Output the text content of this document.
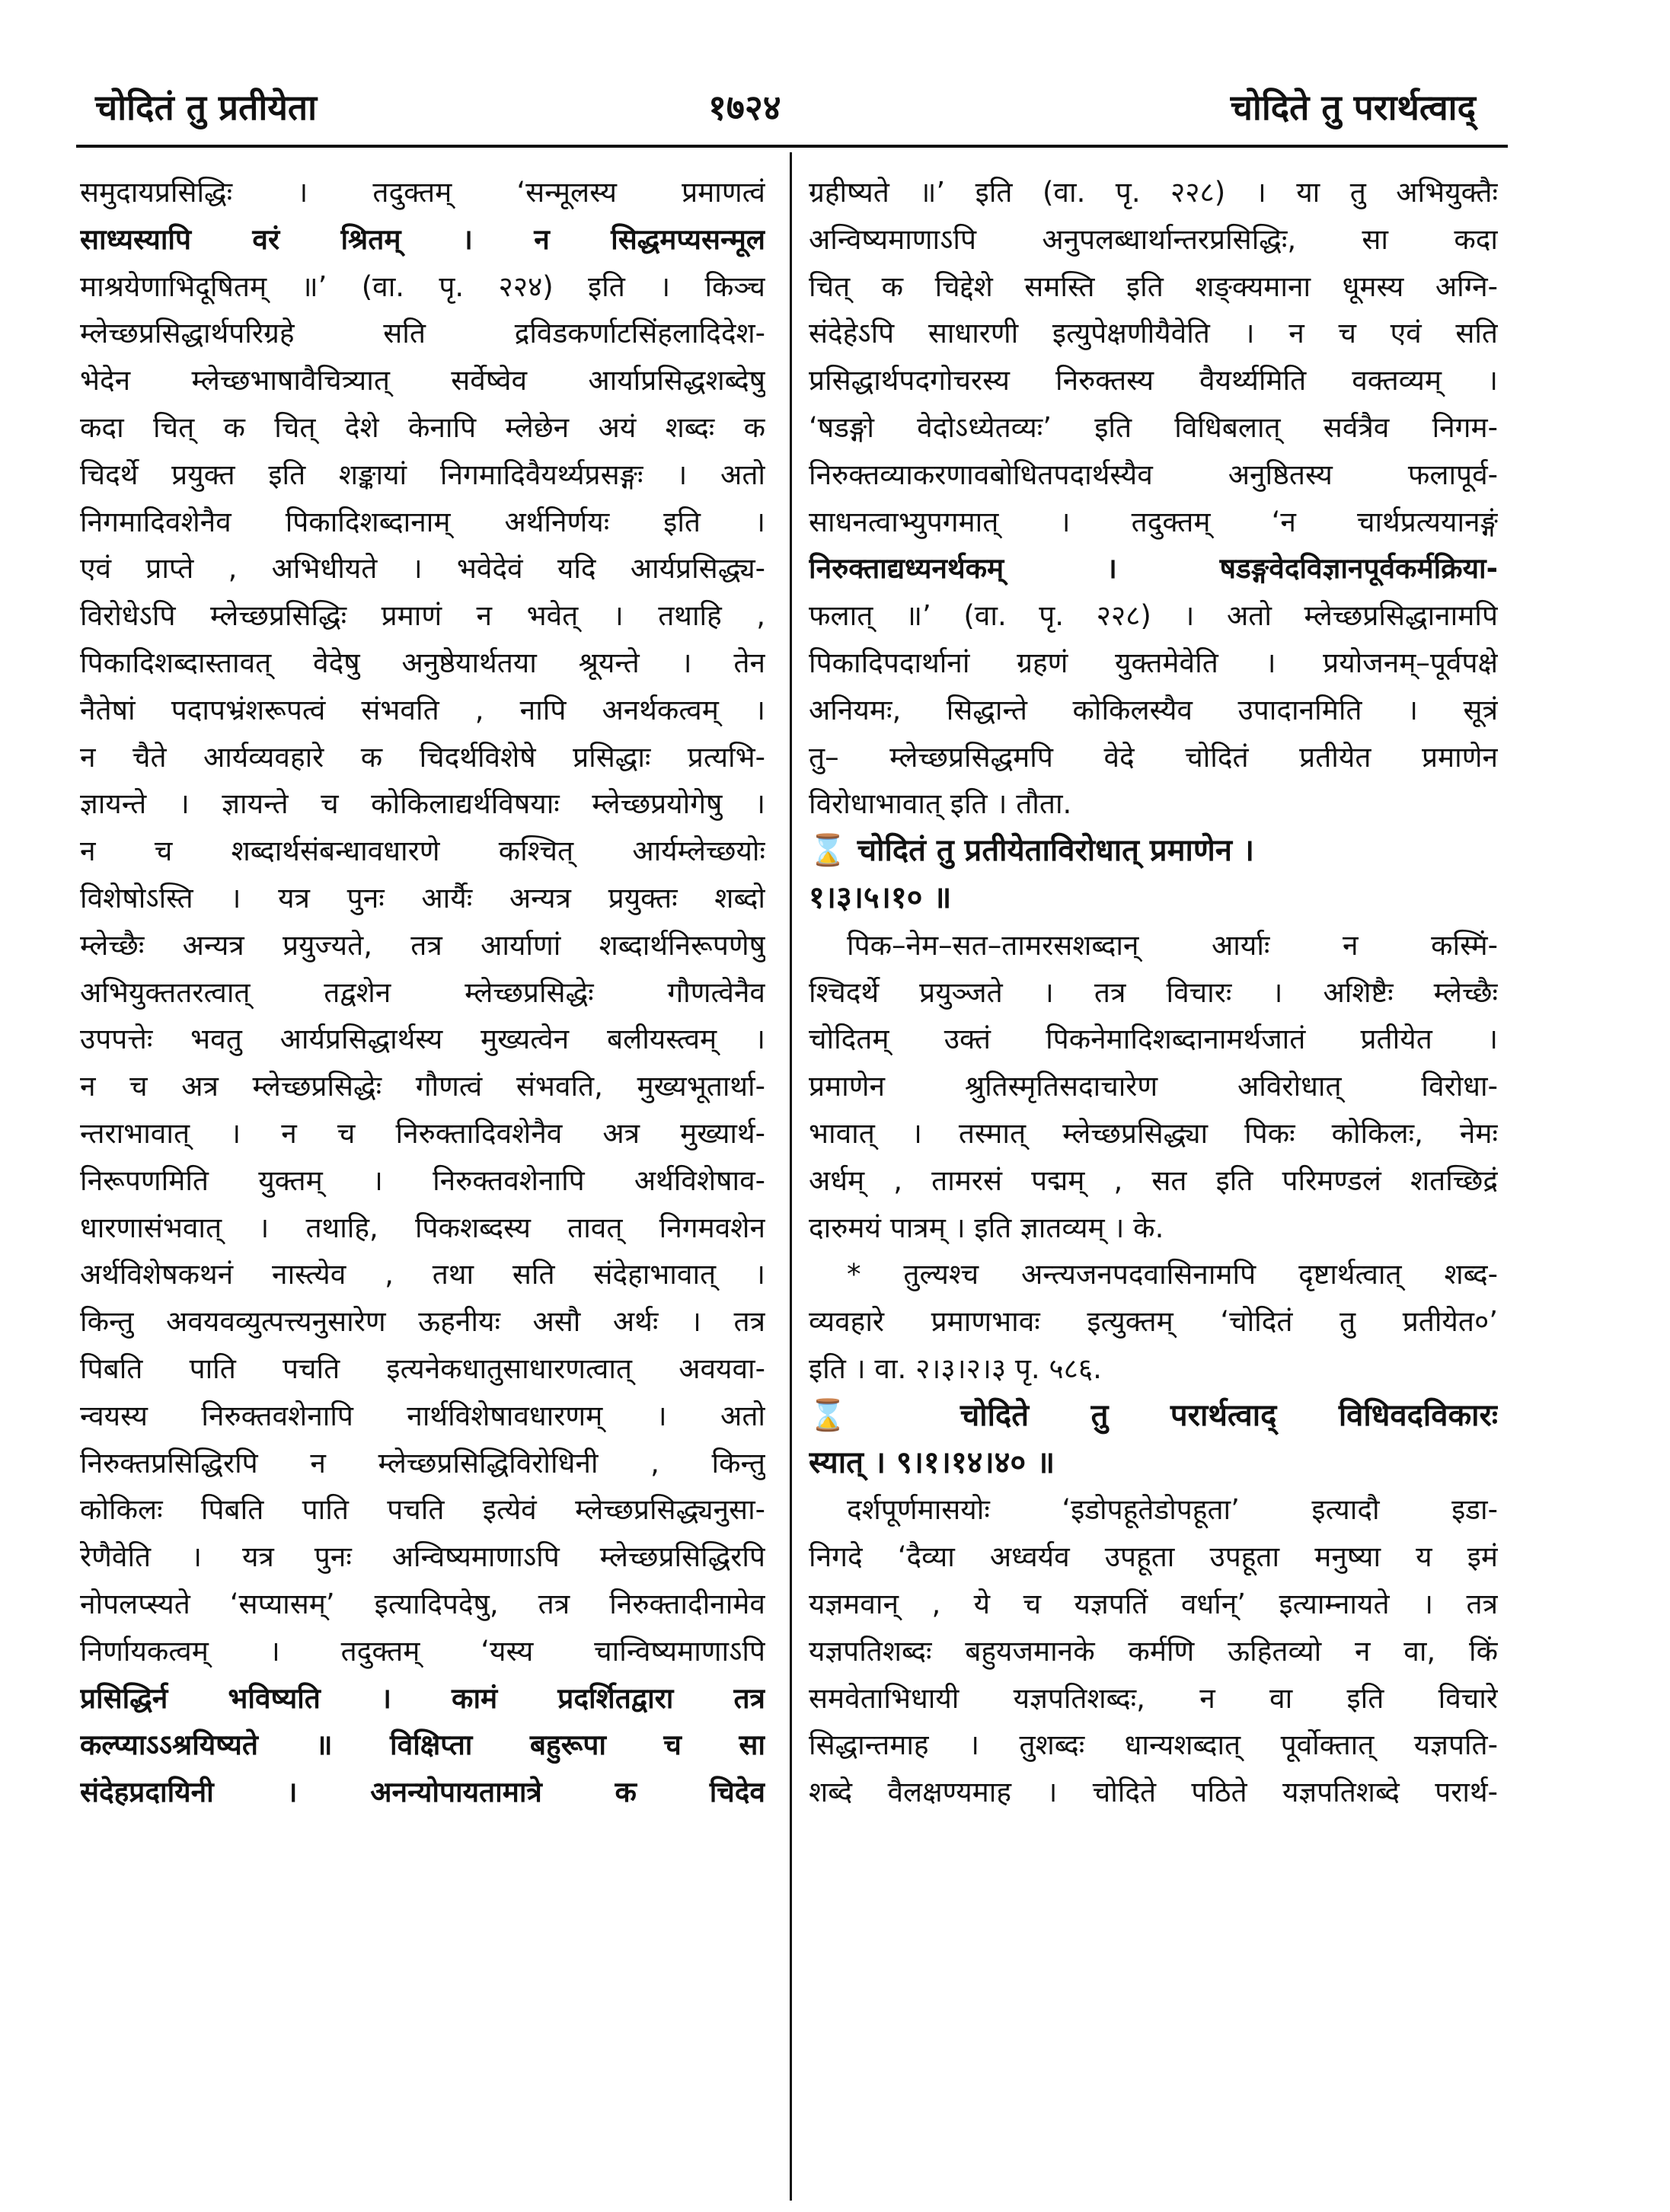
चोदितं तु प्रतीयेता	१७२४	चोदिते तु परार्थत्वाद्
समुदायप्रसिद्धिः । तदुक्तम् ‘सन्मूलस्य प्रमाणत्वं
साध्यस्यापि वरं श्रितम् । न सिद्धमप्यसन्मूल
माश्रयेणाभिदूषितम् ॥’ (वा. पृ. २२४) इति । किञ्च
म्लेच्छप्रसिद्धार्थपरिग्रहे सति द्रविडकर्णाटसिंहलादिदेश-
भेदेन म्लेच्छभाषावैचित्र्यात् सर्वेष्वेव आर्याप्रसिद्धशब्देषु
कदा चित् क चित् देशे केनापि म्लेछेन अयं शब्दः क
चिदर्थे प्रयुक्त इति शङ्कायां निगमादिवैयर्थ्यप्रसङ्गः । अतो
निगमादिवशेनैव पिकादिशब्दानाम् अर्थनिर्णयः इति ।
एवं प्राप्ते , अभिधीयते । भवेदेवं यदि आर्यप्रसिद्ध्य-
विरोधेऽपि म्लेच्छप्रसिद्धिः प्रमाणं न भवेत् । तथाहि ,
पिकादिशब्दास्तावत् वेदेषु अनुष्ठेयार्थतया श्रूयन्ते । तेन
नैतेषां पदापभ्रंशरूपत्वं संभवति , नापि अनर्थकत्वम् ।
न चैते आर्यव्यवहारे क चिदर्थविशेषे प्रसिद्धाः प्रत्यभि-
ज्ञायन्ते । ज्ञायन्ते च कोकिलाद्यर्थविषयाः म्लेच्छप्रयोगेषु ।
न च शब्दार्थसंबन्धावधारणे कश्चित् आर्यम्लेच्छयोः
विशेषोऽस्ति । यत्र पुनः आर्यैः अन्यत्र प्रयुक्तः शब्दो
म्लेच्छैः अन्यत्र प्रयुज्यते, तत्र आर्याणां शब्दार्थनिरूपणेषु
अभियुक्ततरत्वात् तद्वशेन म्लेच्छप्रसिद्धेः गौणत्वेनैव
उपपत्तेः भवतु आर्यप्रसिद्धार्थस्य मुख्यत्वेन बलीयस्त्वम् ।
न च अत्र म्लेच्छप्रसिद्धेः गौणत्वं संभवति, मुख्यभूतार्था-
न्तराभावात् । न च निरुक्तादिवशेनैव अत्र मुख्यार्थ-
निरूपणमिति युक्तम् । निरुक्तवशेनापि अर्थविशेषाव-
धारणासंभवात् । तथाहि, पिकशब्दस्य तावत् निगमवशेन
अर्थविशेषकथनं नास्त्येव , तथा सति संदेहाभावात् ।
किन्तु अवयवव्युत्पत्त्यनुसारेण ऊहनीयः असौ अर्थः । तत्र
पिबति पाति पचति इत्यनेकधातुसाधारणत्वात् अवयवा-
न्वयस्य निरुक्तवशेनापि नार्थविशेषावधारणम् । अतो
निरुक्तप्रसिद्धिरपि न म्लेच्छप्रसिद्धिविरोधिनी , किन्तु
कोकिलः पिबति पाति पचति इत्येवं म्लेच्छप्रसिद्ध्यनुसा-
रेणैवेति । यत्र पुनः अन्विष्यमाणाऽपि म्लेच्छप्रसिद्धिरपि
नोपलप्स्यते ‘सप्यासम्’ इत्यादिपदेषु, तत्र निरुक्तादीनामेव
निर्णायकत्वम् । तदुक्तम् ‘यस्य चान्विष्यमाणाऽपि
प्रसिद्धिर्न भविष्यति । कामं प्रदर्शितद्वारा तत्र
कल्प्याऽऽश्रयिष्यते ॥ विक्षिप्ता बहुरूपा च सा
संदेहप्रदायिनी । अनन्योपायतामात्रे क चिदेव
ग्रहीष्यते ॥’ इति (वा. पृ. २२८) । या तु अभियुक्तैः
अन्विष्यमाणाऽपि अनुपलब्धार्थान्तरप्रसिद्धिः, सा कदा
चित् क चिद्देशे समस्ति इति शङ्क्यमाना धूमस्य अग्नि-
संदेहेऽपि साधारणी इत्युपेक्षणीयैवेति । न च एवं सति
प्रसिद्धार्थपदगोचरस्य निरुक्तस्य वैयर्थ्यमिति वक्तव्यम् ।
‘षडङ्गो वेदोऽध्येतव्यः’ इति विधिबलात् सर्वत्रैव निगम-
निरुक्तव्याकरणावबोधितपदार्थस्यैव अनुष्ठितस्य फलापूर्व-
साधनत्वाभ्युपगमात् । तदुक्तम् ‘न चार्थप्रत्ययानङ्गं
निरुक्ताद्यध्यनर्थकम् । षडङ्गवेदविज्ञानपूर्वकर्मक्रिया-
फलात् ॥’ (वा. पृ. २२८) । अतो म्लेच्छप्रसिद्धानामपि
पिकादिपदार्थानां ग्रहणं युक्तमेवेति । प्रयोजनम्–पूर्वपक्षे
अनियमः, सिद्धान्ते कोकिलस्यैव उपादानमिति । सूत्रं
तु– म्लेच्छप्रसिद्धमपि वेदे चोदितं प्रतीयेत प्रमाणेन
विरोधाभावात् इति । तौता.
⌛ चोदितं तु प्रतीयेताविरोधात् प्रमाणेन ।
१।३।५।१० ॥
पिक–नेम–सत–तामरसशब्दान् आर्याः न कस्मिं-
श्चिदर्थे प्रयुञ्जते । तत्र विचारः । अशिष्टैः म्लेच्छैः
चोदितम् उक्तं पिकनेमादिशब्दानामर्थजातं प्रतीयेत ।
प्रमाणेन श्रुतिस्मृतिसदाचारेण अविरोधात् विरोधा-
भावात् । तस्मात् म्लेच्छप्रसिद्ध्या पिकः कोकिलः, नेमः
अर्धम् , तामरसं पद्मम् , सत इति परिमण्डलं शतच्छिद्रं
दारुमयं पात्रम् । इति ज्ञातव्यम् । के.
* तुल्यश्च अन्त्यजनपदवासिनामपि दृष्टार्थत्वात् शब्द-
व्यवहारे प्रमाणभावः इत्युक्तम् ‘चोदितं तु प्रतीयेत०’
इति । वा. २।३।२।३ पृ. ५८६.
⌛ चोदिते तु परार्थत्वाद् विधिवदविकारः
स्यात् । ९।१।१४।४० ॥
दर्शपूर्णमासयोः ‘इडोपहूतेडोपहूता’ इत्यादौ इडा-
निगदे ‘दैव्या अध्वर्यव उपहूता उपहूता मनुष्या य इमं
यज्ञमवान् , ये च यज्ञपतिं वर्धान्’ इत्याम्नायते । तत्र
यज्ञपतिशब्दः बहुयजमानके कर्मणि ऊहितव्यो न वा, किं
समवेताभिधायी यज्ञपतिशब्दः, न वा इति विचारे
सिद्धान्तमाह । तुशब्दः धान्यशब्दात् पूर्वोक्तात् यज्ञपति-
शब्दे वैलक्षण्यमाह । चोदिते पठिते यज्ञपतिशब्दे परार्थ-
